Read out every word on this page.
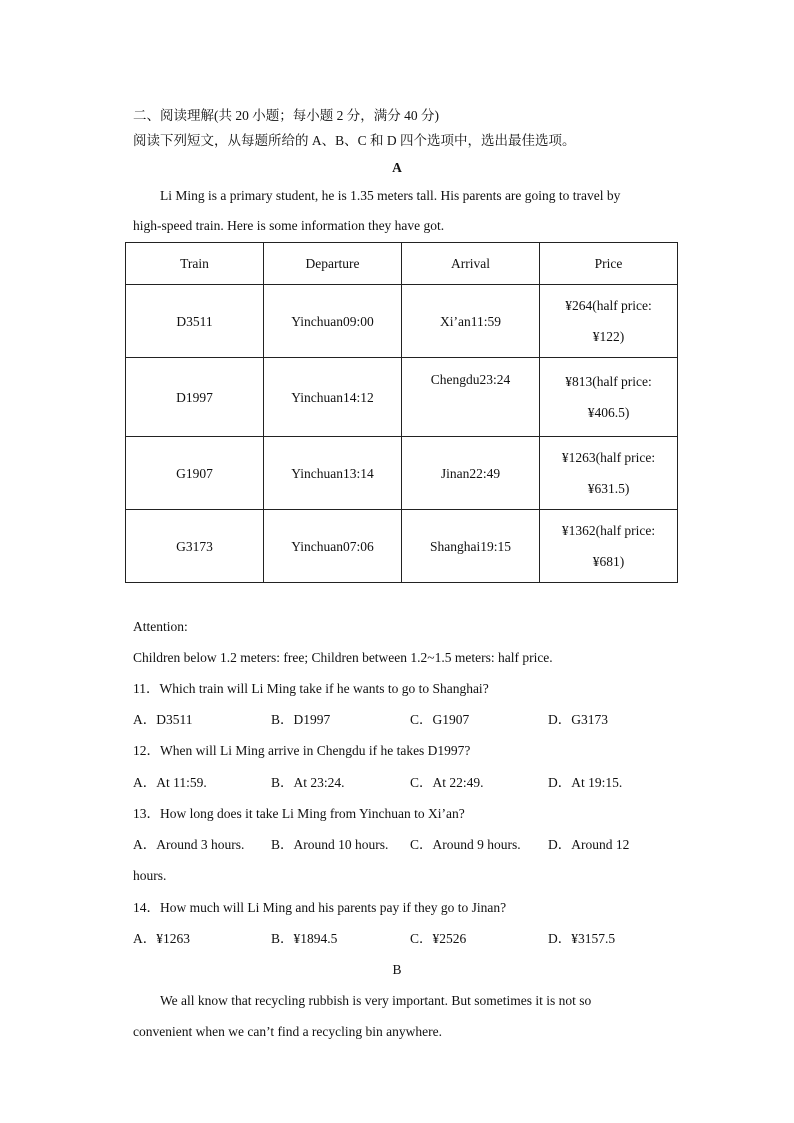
二、阅读理解(共 20 小题；每小题 2 分，满分 40 分)
阅读下列短文，从每题所给的 A、B、C 和 D 四个选项中，选出最佳选项。
A
Li Ming is a primary student, he is 1.35 meters tall. His parents are going to travel by
high-speed train. Here is some information they have got.
Train	Departure	Arrival	Price
D3511	Yinchuan09:00	Xi’an11:59	¥264(half price:
¥122)

D1997	Yinchuan14:12	Chengdu23:24	¥813(half price:
¥406.5)

G1907	Yinchuan13:14	Jinan22:49	¥1263(half price:
¥631.5)

G3173	Yinchuan07:06	Shanghai19:15	¥1362(half price:
¥681)
Attention:
Children below 1.2 meters: free; Children between 1.2~1.5 meters: half price.
11．Which train will Li Ming take if he wants to go to Shanghai?
A．D3511	B．D1997	C．G1907	D．G3173
12．When will Li Ming arrive in Chengdu if he takes D1997?
A．At 11:59.	B．At 23:24.	C．At 22:49.	D．At 19:15.
13．How long does it take Li Ming from Yinchuan to Xi’an?
A．Around 3 hours. B．Around 10 hours. C．Around 9 hours. D．Around 12
hours.
14．How much will Li Ming and his parents pay if they go to Jinan?
A．¥1263	B．¥1894.5	C．¥2526	D．¥3157.5
B
We all know that recycling rubbish is very important. But sometimes it is not so
convenient when we can’t find a recycling bin anywhere.
